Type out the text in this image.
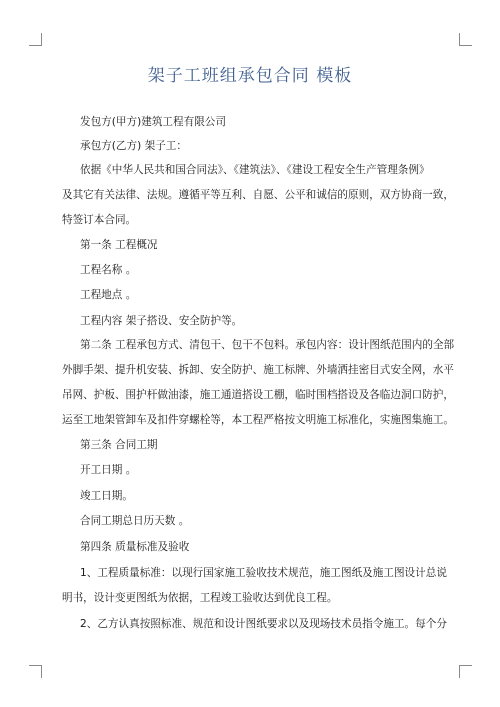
架子工班组承包合同 模板
发包方(甲方)建筑工程有限公司
承包方(乙方) 架子工：
依据《中华人民共和国合同法》、《建筑法》、《建设工程安全生产管理条例》
及其它有关法律、法规。遵循平等互利、自愿、公平和诚信的原则，双方协商一致，
特签订本合同。
第一条 工程概况
工程名称 。
工程地点 。
工程内容 架子搭设、安全防护等。
第二条 工程承包方式、清包干、包干不包料。承包内容：设计图纸范围内的全部
外脚手架、提升机安装、拆卸、安全防护、施工标牌、外墙洒挂密目式安全网，水平
吊网、护板、围护杆做油漆，施工通道搭设工棚，临时围档搭设及各临边洞口防护，
运至工地架管卸车及扣件穿螺栓等，本工程严格按文明施工标准化，实施图集施工。
第三条 合同工期
开工日期 。
竣工日期。
合同工期总日历天数 。
第四条 质量标准及验收
1、工程质量标准：以现行国家施工验收技术规范，施工图纸及施工图设计总说
明书，设计变更图纸为依据，工程竣工验收达到优良工程。
2、乙方认真按照标准、规范和设计图纸要求以及现场技术员指令施工。每个分
